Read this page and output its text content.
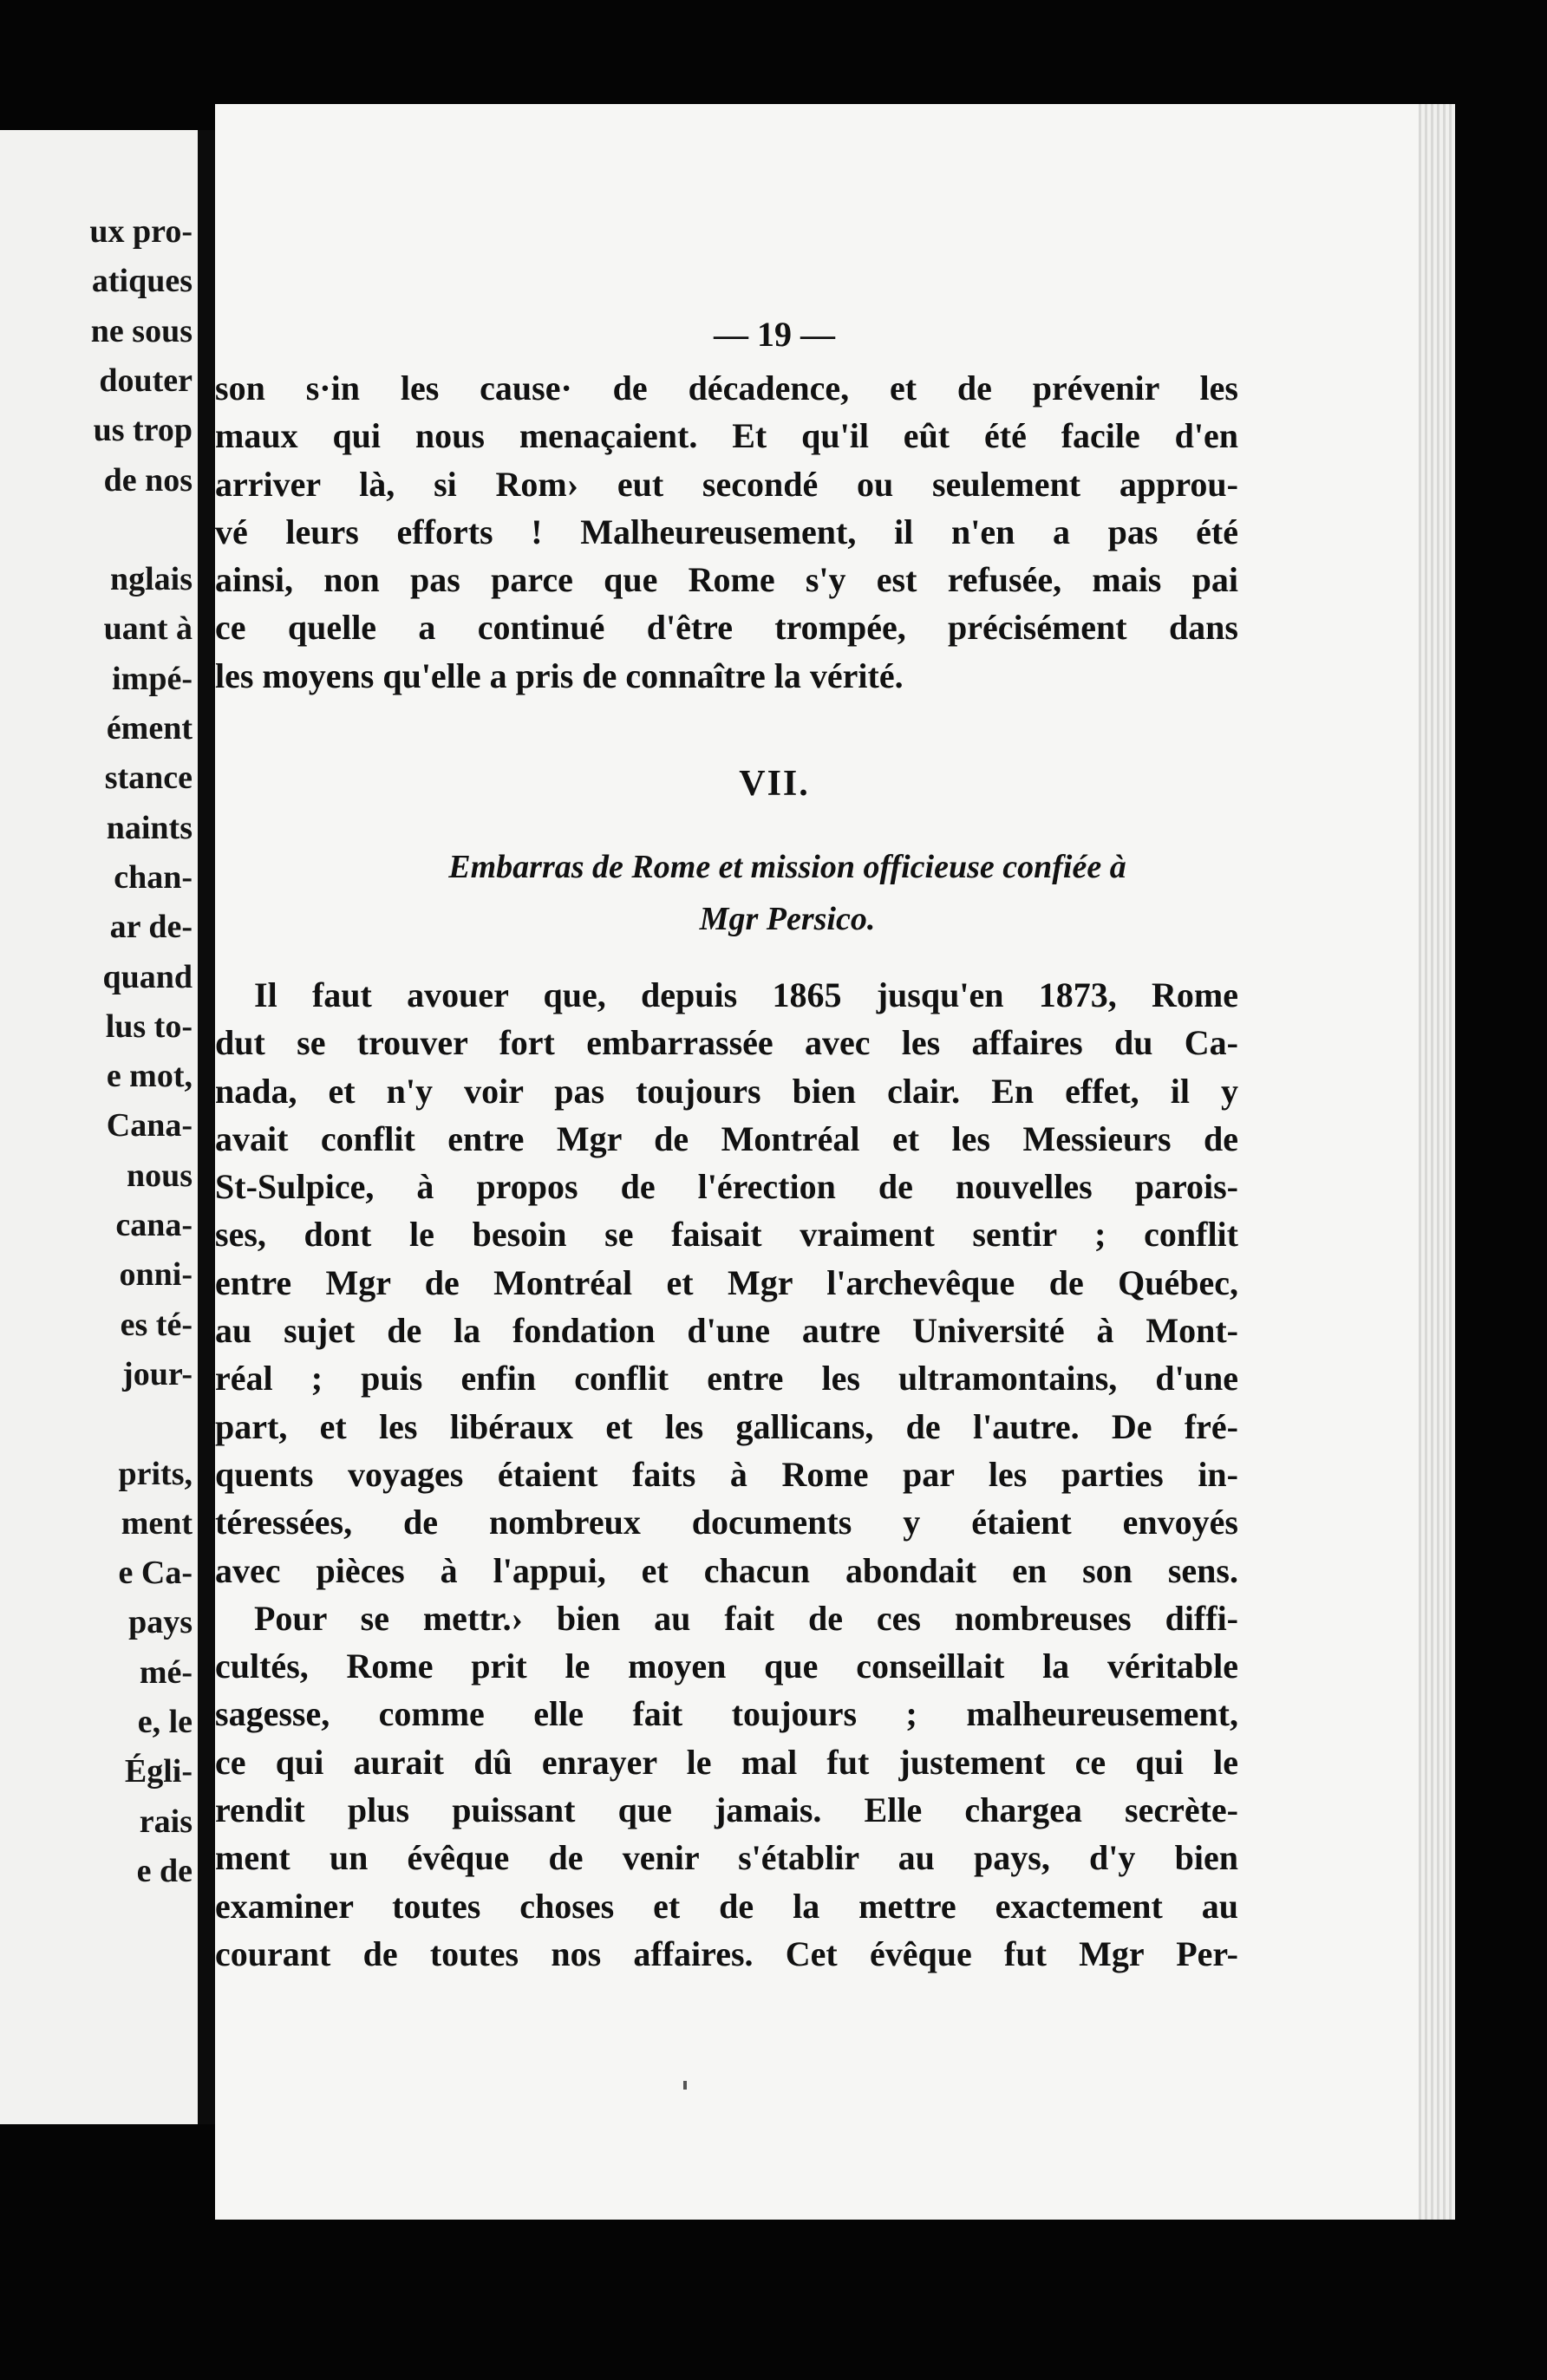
ux pro-
atiques
ne sous
douter
us trop
de nos
nglais
uant à
impé-
ément
stance
naints
chan-
ar de-
quand
lus to-
e mot,
Cana-
nous
cana-
onni-
es té-
jour-
prits,
ment
e Ca-
pays
mé-
e, le
Égli-
rais
e de
— 19 —
son s·in les cause· de décadence, et de prévenir les
maux qui nous menaçaient. Et qu'il eût été facile d'en
arriver là, si Rom› eut secondé ou seulement approu-
vé leurs efforts ! Malheureusement, il n'en a pas été
ainsi, non pas parce que Rome s'y est refusée, mais pai
ce quelle a continué d'être trompée, précisément dans
les moyens qu'elle a pris de connaître la vérité.
VII.
Embarras de Rome et mission officieuse confiée à
Mgr Persico.
Il faut avouer que, depuis 1865 jusqu'en 1873, Rome
dut se trouver fort embarrassée avec les affaires du Ca-
nada, et n'y voir pas toujours bien clair. En effet, il y
avait conflit entre Mgr de Montréal et les Messieurs de
St-Sulpice, à propos de l'érection de nouvelles parois-
ses, dont le besoin se faisait vraiment sentir ; conflit
entre Mgr de Montréal et Mgr l'archevêque de Québec,
au sujet de la fondation d'une autre Université à Mont-
réal ; puis enfin conflit entre les ultramontains, d'une
part, et les libéraux et les gallicans, de l'autre. De fré-
quents voyages étaient faits à Rome par les parties in-
téressées, de nombreux documents y étaient envoyés
avec pièces à l'appui, et chacun abondait en son sens.
Pour se mettr.› bien au fait de ces nombreuses diffi-
cultés, Rome prit le moyen que conseillait la véritable
sagesse, comme elle fait toujours ; malheureusement,
ce qui aurait dû enrayer le mal fut justement ce qui le
rendit plus puissant que jamais. Elle chargea secrète-
ment un évêque de venir s'établir au pays, d'y bien
examiner toutes choses et de la mettre exactement au
courant de toutes nos affaires. Cet évêque fut Mgr Per-
